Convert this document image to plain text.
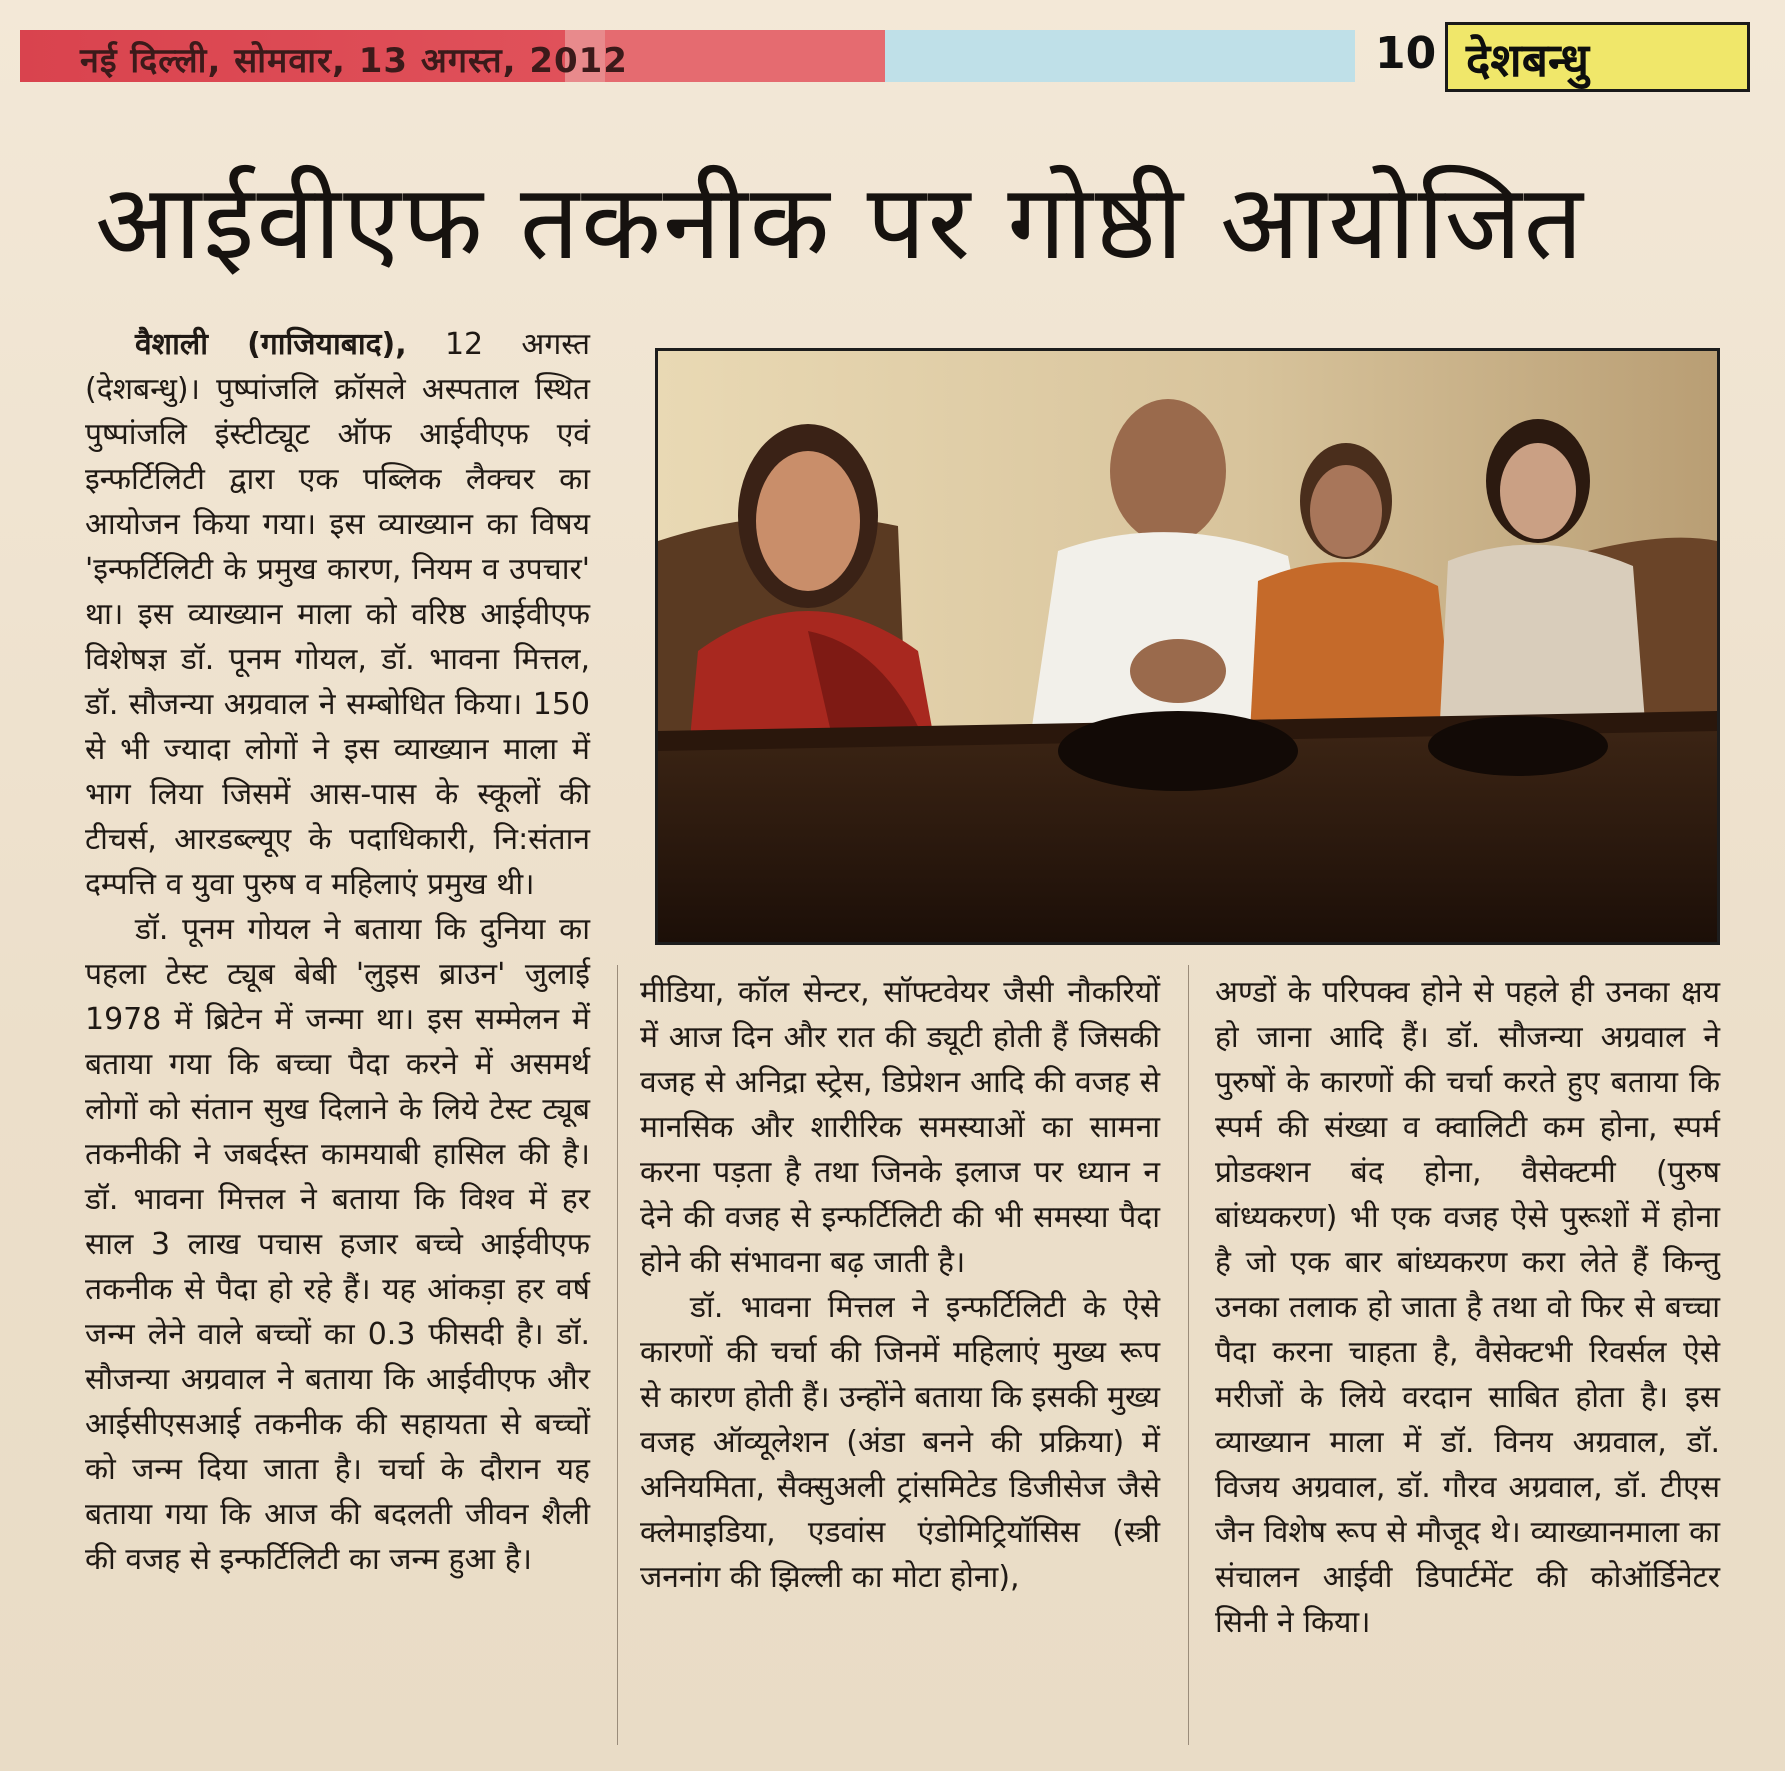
नई दिल्ली, सोमवार, 13 अगस्त, 2012	10 देशबन्धु
आईवीएफ तकनीक पर गोष्ठी आयोजित

वैशाली (गाजियाबाद), 12 अगस्त (देशबन्धु)। पुष्पांजलि क्रॉसले अस्पताल स्थित पुष्पांजलि इंस्टीट्यूट ऑफ आईवीएफ एवं इन्फर्टिलिटी द्वारा एक पब्लिक लैक्चर का आयोजन किया गया। इस व्याख्यान का विषय 'इन्फर्टिलिटी के प्रमुख कारण, नियम व उपचार' था। इस व्याख्यान माला को वरिष्ठ आईवीएफ विशेषज्ञ डॉ. पूनम गोयल, डॉ. भावना मित्तल, डॉ. सौजन्या अग्रवाल ने सम्बोधित किया। 150 से भी ज्यादा लोगों ने इस व्याख्यान माला में भाग लिया जिसमें आस-पास के स्कूलों की टीचर्स, आरडब्ल्यूए के पदाधिकारी, नि:संतान दम्पत्ति व युवा पुरुष व महिलाएं प्रमुख थी।

डॉ. पूनम गोयल ने बताया कि दुनिया का पहला टेस्ट ट्यूब बेबी 'लुइस ब्राउन' जुलाई 1978 में ब्रिटेन में जन्मा था। इस सम्मेलन में बताया गया कि बच्चा पैदा करने में असमर्थ लोगों को संतान सुख दिलाने के लिये टेस्ट ट्यूब तकनीकी ने जबर्दस्त कामयाबी हासिल की है। डॉ. भावना मित्तल ने बताया कि विश्व में हर साल 3 लाख पचास हजार बच्चे आईवीएफ तकनीक से पैदा हो रहे हैं। यह आंकड़ा हर वर्ष जन्म लेने वाले बच्चों का 0.3 फीसदी है। डॉ. सौजन्या अग्रवाल ने बताया कि आईवीएफ और आईसीएसआई तकनीक की सहायता से बच्चों को जन्म दिया जाता है। चर्चा के दौरान यह बताया गया कि आज की बदलती जीवन शैली की वजह से इन्फर्टिलिटी का जन्म हुआ है।

मीडिया, कॉल सेन्टर, सॉफ्टवेयर जैसी नौकरियों में आज दिन और रात की ड्यूटी होती हैं जिसकी वजह से अनिद्रा स्ट्रेस, डिप्रेशन आदि की वजह से मानसिक और शारीरिक समस्याओं का सामना करना पड़ता है तथा जिनके इलाज पर ध्यान न देने की वजह से इन्फर्टिलिटी की भी समस्या पैदा होने की संभावना बढ़ जाती है।

डॉ. भावना मित्तल ने इन्फर्टिलिटी के ऐसे कारणों की चर्चा की जिनमें महिलाएं मुख्य रूप से कारण होती हैं। उन्होंने बताया कि इसकी मुख्य वजह ऑव्यूलेशन (अंडा बनने की प्रक्रिया) में अनियमिता, सैक्सुअली ट्रांसमिटेड डिजीसेज जैसे क्लेमाइडिया, एडवांस एंडोमिट्रियॉसिस (स्त्री जननांग की झिल्ली का मोटा होना),

अण्डों के परिपक्व होने से पहले ही उनका क्षय हो जाना आदि हैं। डॉ. सौजन्या अग्रवाल ने पुरुषों के कारणों की चर्चा करते हुए बताया कि स्पर्म की संख्या व क्वालिटी कम होना, स्पर्म प्रोडक्शन बंद होना, वैसेक्टमी (पुरुष बांध्यकरण) भी एक वजह ऐसे पुरूशों में होना है जो एक बार बांध्यकरण करा लेते हैं किन्तु उनका तलाक हो जाता है तथा वो फिर से बच्चा पैदा करना चाहता है, वैसेक्टभी रिवर्सल ऐसे मरीजों के लिये वरदान साबित होता है। इस व्याख्यान माला में डॉ. विनय अग्रवाल, डॉ. विजय अग्रवाल, डॉ. गौरव अग्रवाल, डॉ. टीएस जैन विशेष रूप से मौजूद थे। व्याख्यानमाला का संचालन आईवी डिपार्टमेंट की कोऑर्डिनेटर सिनी ने किया।
